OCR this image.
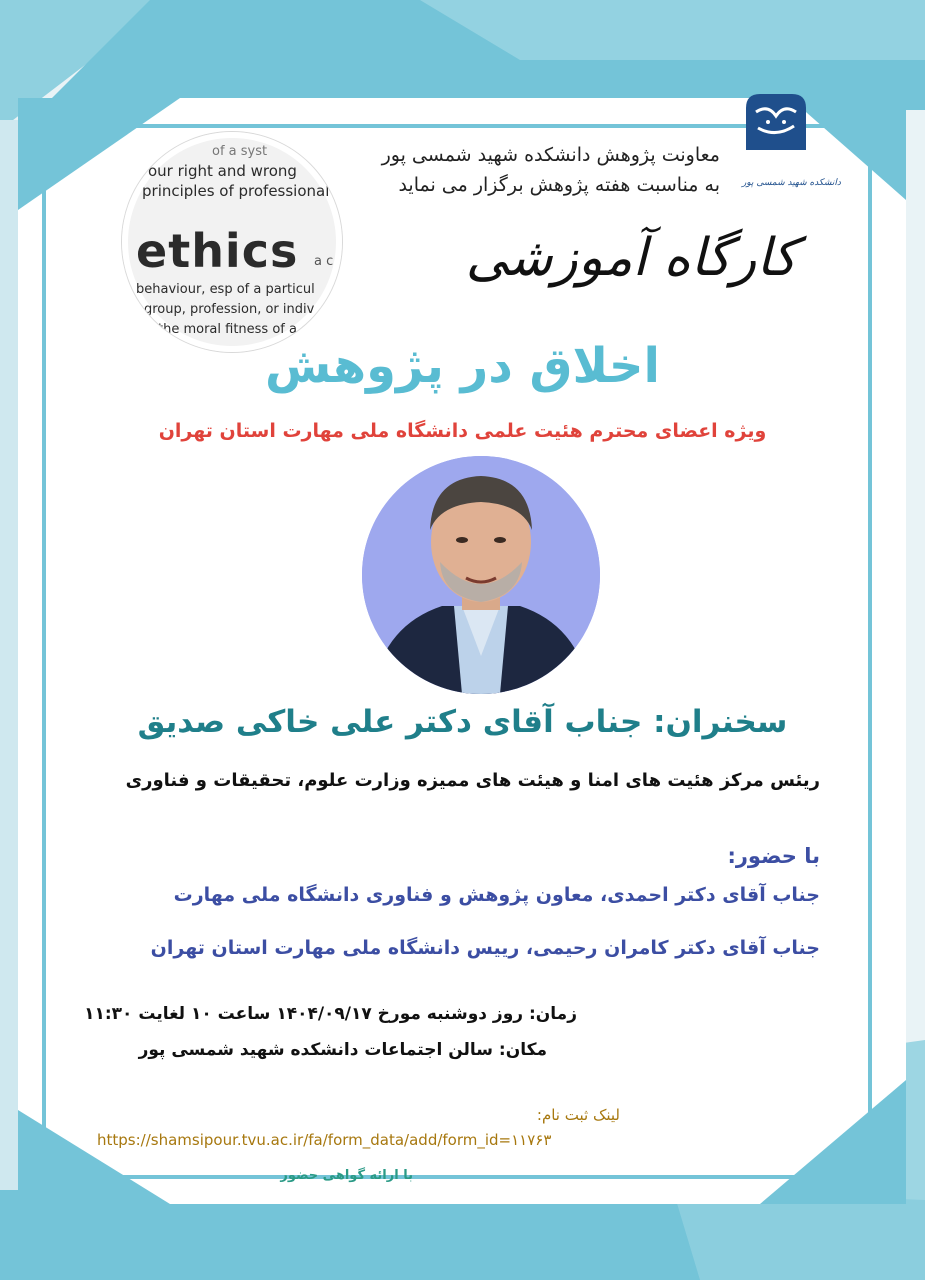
دانشکده شهید شمسی پور
معاونت پژوهش دانشکده شهید شمسی پور
به مناسبت هفته پژوهش برگزار می نماید
of a syst
our right and wrong
principles of professional
ethics a c
behaviour, esp of a particul
group, profession, or indiv
the moral fitness of a d
کارگاه آموزشی
اخلاق در پژوهش
ویژه اعضای محترم هئیت علمی دانشگاه ملی مهارت استان تهران
سخنران: جناب آقای دکتر علی خاکی صدیق
ریئس مرکز هئیت های امنا و هیئت های ممیزه وزارت علوم، تحقیقات و فناوری
با حضور:
جناب آقای دکتر احمدی، معاون پژوهش و فناوری دانشگاه ملی مهارت
جناب آقای دکتر کامران رحیمی، رییس دانشگاه ملی مهارت استان تهران
زمان: روز دوشنبه مورخ ۱۴۰۴/۰۹/۱۷ ساعت ۱۰ لغایت ۱۱:۳۰
مکان: سالن اجتماعات دانشکده شهید شمسی پور
لینک ثبت نام:
https://shamsipour.tvu.ac.ir/fa/form_data/add/form_id=۱۱۷۶۳
با ارائه گواهی حضور
